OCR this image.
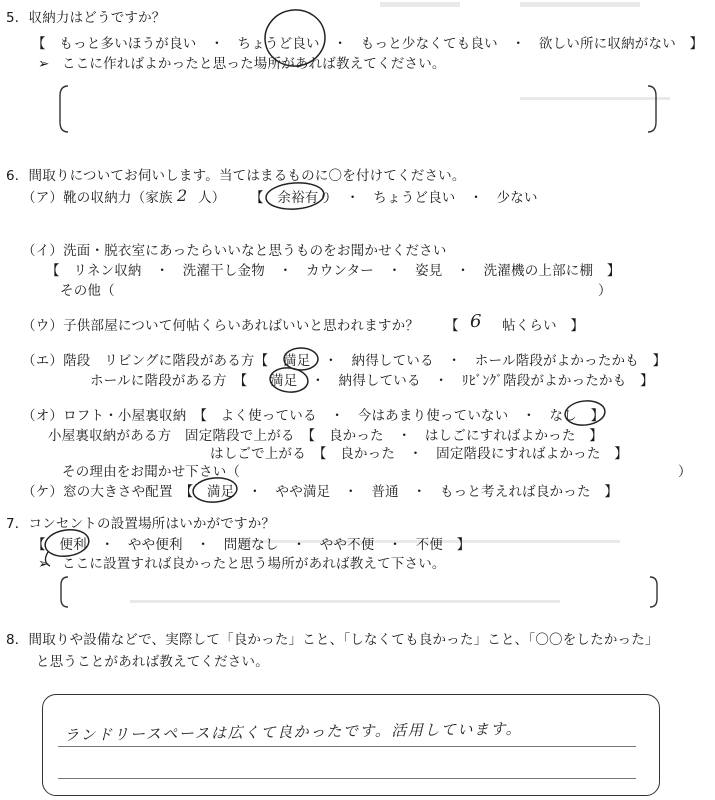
5．収納力はどうですか？
【　もっと多いほうが良い　・　ちょうど良い　・　もっと少なくても良い　・　欲しい所に収納がない　】
➢ ここに作ればよかったと思った場所があれば教えてください。
6．間取りについてお伺いします。当てはまるものに〇を付けてください。
（ア）靴の収納力（家族 2 人） 【　余裕有り　・　ちょうど良い　・　少ない
（イ）洗面・脱衣室にあったらいいなと思うものをお聞かせください
【　リネン収納　・　洗濯干し金物　・　カウンター　・　姿見　・　洗濯機の上部に棚　】
その他（	）
（ウ）子供部屋について何帖くらいあればいいと思われますか？ 【 6 帖くらい　】
（エ）階段　リビングに階段がある方【 満足　・　納得している　・　ホール階段がよかったかも　】
ホールに階段がある方　【 満足　・　納得している　・　ﾘﾋﾞﾝｸﾞ階段がよかったかも　】
（オ）ロフト・小屋裏収納　【　よく使っている　・　今はあまり使っていない　・　なし　】
小屋裏収納がある方　固定階段で上がる　【　良かった　・　はしごにすればよかった　】
はしごで上がる　【　良かった　・　固定階段にすればよかった　】
その理由をお聞かせ下さい（	）
（ケ）窓の大きさや配置　【　満足　・　やや満足　・　普通　・　もっと考えれば良かった　】
7．コンセントの設置場所はいかがですか？
【　便利　・　やや便利　・　問題なし　・　やや不便　・　不便　】
➢ ここに設置すれば良かったと思う場所があれば教えて下さい。
8．間取りや設備などで、実際して「良かった」こと、「しなくても良かった」こと、「〇〇をしたかった」
と思うことがあれば教えてください。
ランドリースペースは広くて良かったです。活用しています。
